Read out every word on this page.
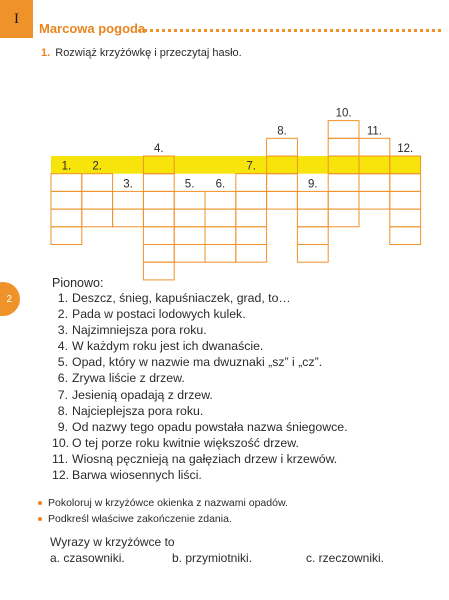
I
Marcowa pogoda
1. Rozwiąż krzyżówkę i przeczytaj hasło.
1. 2.
3.
4.
5. 6.
7.
8.
9.
10.
11.
12.
2
Pionowo:
1. Deszcz, śnieg, kapuśniaczek, grad, to…
2. Pada w postaci lodowych kulek.
3. Najzimniejsza pora roku.
4. W każdym roku jest ich dwanaście.
5. Opad, który w nazwie ma dwuznaki „sz” i „cz”.
6. Zrywa liście z drzew.
7. Jesienią opadają z drzew.
8. Najcieplejsza pora roku.
9. Od nazwy tego opadu powstała nazwa śniegowce.
10. O tej porze roku kwitnie większość drzew.
11. Wiosną pęcznieją na gałęziach drzew i krzewów.
12. Barwa wiosennych liści.
Pokoloruj w krzyżówce okienka z nazwami opadów.
Podkreśl właściwe zakończenie zdania.
Wyrazy w krzyżówce to
a. czasowniki.	b. przymiotniki.	c. rzeczowniki.
